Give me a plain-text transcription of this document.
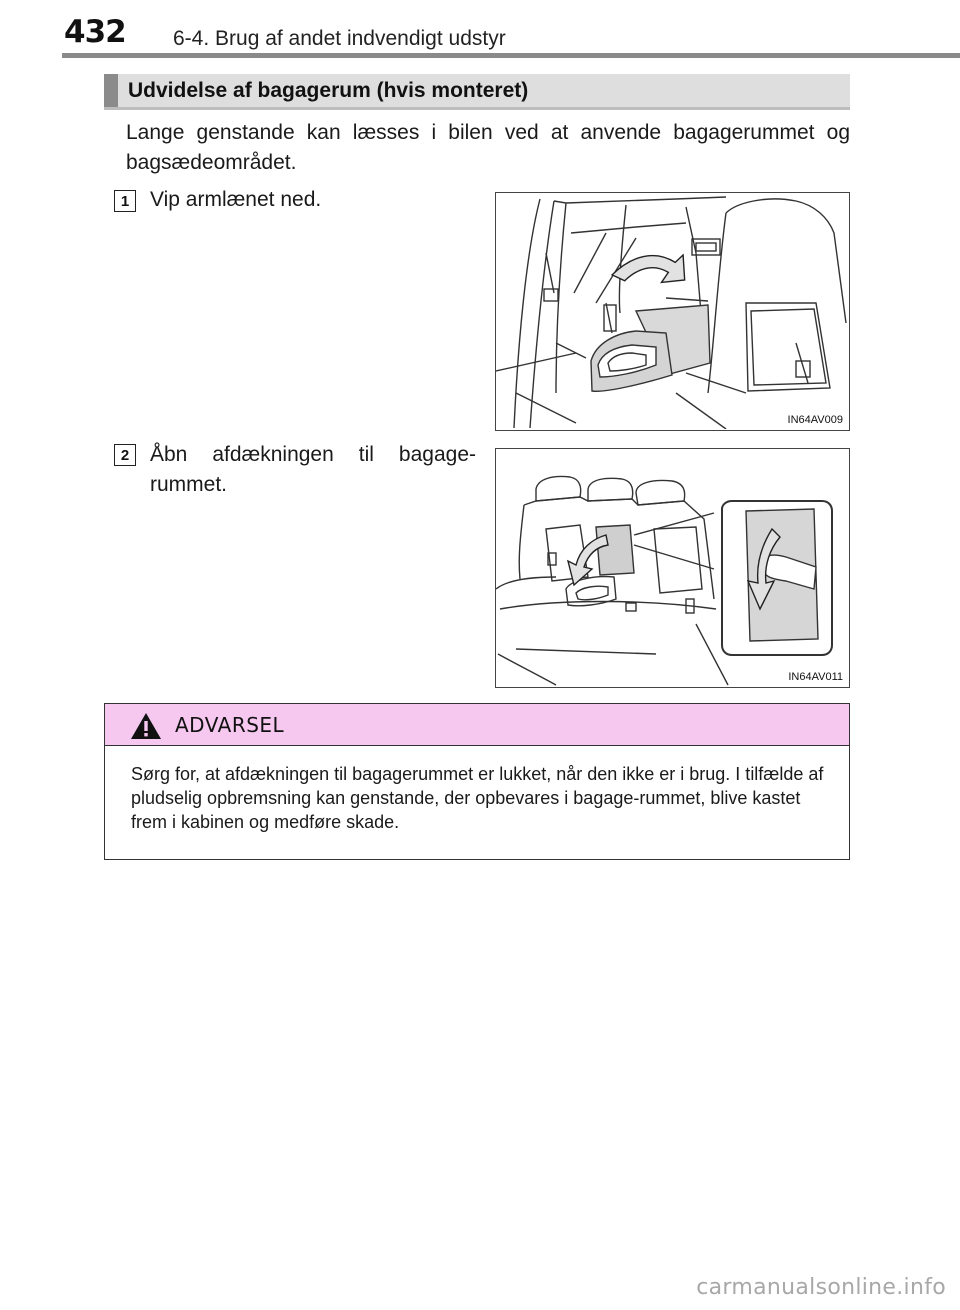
432 6-4. Brug af andet indvendigt udstyr
Udvidelse af bagagerum (hvis monteret)
Lange genstande kan læsses i bilen ved at anvende bagagerummet og bagsædeområdet.
1 Vip armlænet ned.
IN64AV009
2 Åbn afdækningen til bagage-rummet.
IN64AV011
ADVARSEL
Sørg for, at afdækningen til bagagerummet er lukket, når den ikke er i brug. I tilfælde af pludselig opbremsning kan genstande, der opbevares i bagage-rummet, blive kastet frem i kabinen og medføre skade.
carmanualsonline.info
